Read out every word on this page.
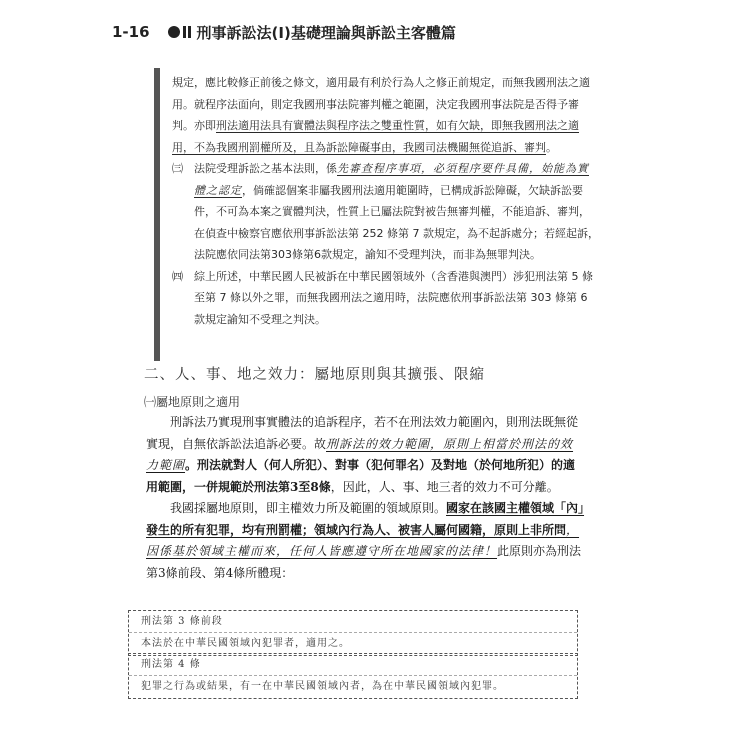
1-16	刑事訴訟法(Ⅰ)基礎理論與訴訟主客體篇

規定，應比較修正前後之條文，適用最有利於行為人之修正前規定，而無我國刑法之適用。就程序法面向，則定我國刑事法院審判權之範圍，決定我國刑事法院是否得予審判。亦即刑法適用法具有實體法與程序法之雙重性質，如有欠缺，即無我國刑法之適用，不為我國刑罰權所及，且為訴訟障礙事由，我國司法機關無從追訴、審判。

㈢ 法院受理訴訟之基本法則，係先審查程序事項，必須程序要件具備，始能為實體之認定，倘確認個案非屬我國刑法適用範圍時，已構成訴訟障礙，欠缺訴訟要件，不可為本案之實體判決，性質上已屬法院對被告無審判權，不能追訴、審判，在偵查中檢察官應依刑事訴訟法第 252 條第 7 款規定，為不起訴處分；若經起訴，法院應依同法第303條第6款規定，諭知不受理判決，而非為無罪判決。

㈣ 綜上所述，中華民國人民被訴在中華民國領域外（含香港與澳門）涉犯刑法第 5 條至第 7 條以外之罪，而無我國刑法之適用時，法院應依刑事訴訟法第 303 條第 6 款規定諭知不受理之判決。

二、人、事、地之效力：屬地原則與其擴張、限縮
㈠屬地原則之適用

刑訴法乃實現刑事實體法的追訴程序，若不在刑法效力範圍內，則刑法既無從實現，自無依訴訟法追訴必要。故刑訴法的效力範圍，原則上相當於刑法的效力範圍。刑法就對人（何人所犯）、對事（犯何罪名）及對地（於何地所犯）的適用範圍，一併規範於刑法第3至8條，因此，人、事、地三者的效力不可分離。

我國採屬地原則，即主權效力所及範圍的領域原則。國家在該國主權領域「內」發生的所有犯罪，均有刑罰權；領域內行為人、被害人屬何國籍，原則上非所問，因係基於領域主權而來，任何人皆應遵守所在地國家的法律！此原則亦為刑法第3條前段、第4條所體現：

刑法第 3 條前段
本法於在中華民國領域內犯罪者，適用之。
刑法第 4 條
犯罪之行為或結果，有一在中華民國領域內者，為在中華民國領域內犯罪。
